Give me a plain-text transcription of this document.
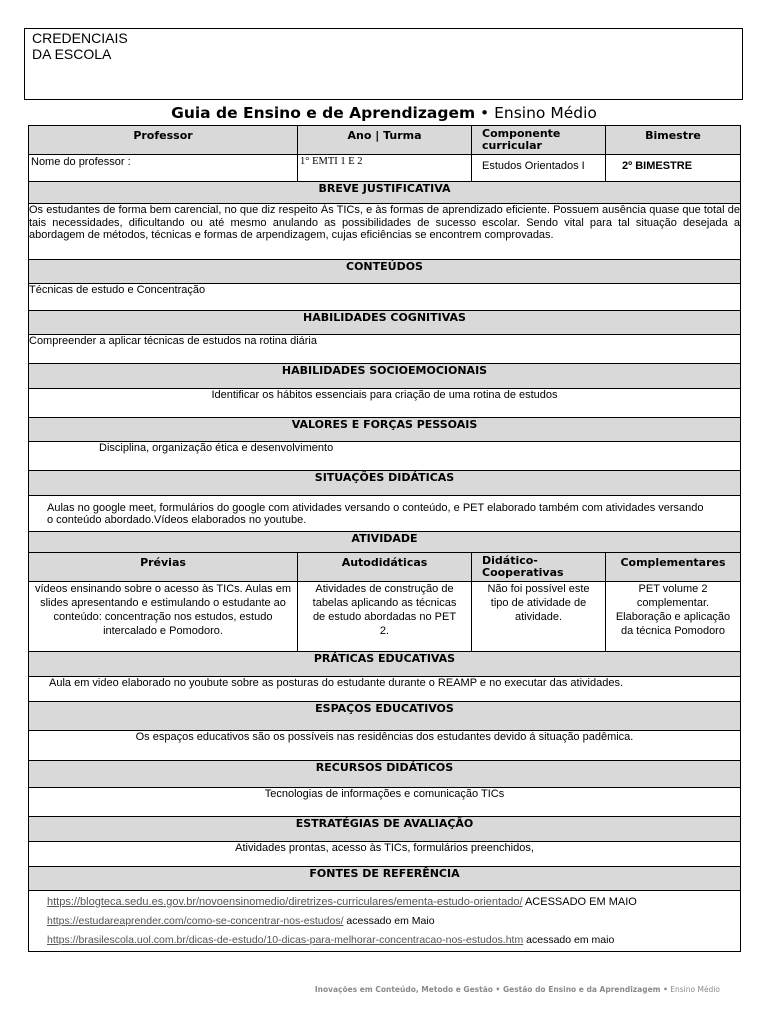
CREDENCIAIS
DA ESCOLA
Guia de Ensino e de Aprendizagem • Ensino Médio
Professor	Ano | Turma	Componente curricular	Bimestre
Nome do professor :	1° EMTI 1 E 2	Estudos Orientados I	2º BIMESTRE
BREVE JUSTIFICATIVA			
Os estudantes de forma bem carencial, no que diz respeito Às TICs, e às formas de aprendizado eficiente. Possuem ausência quase que total de tais necessidades, dificultando ou até mesmo anulando as possibilidades de sucesso escolar. Sendo vital para tal situação desejada a abordagem de métodos, técnicas e formas de arpendizagem, cujas eficiências se encontrem comprovadas.			
CONTEÚDOS			
Técnicas de estudo e Concentração			
HABILIDADES COGNITIVAS			
Compreender a aplicar técnicas de estudos na rotina diária			
HABILIDADES SOCIOEMOCIONAIS			
Identificar os hábitos essenciais para criação de uma rotina de estudos			
VALORES E FORÇAS PESSOAIS			
Disciplina, organização ética e desenvolvimento			
SITUAÇÕES DIDÁTICAS			
Aulas no google meet, formulários do google com atividades versando o conteúdo, e PET elaborado também com atividades versando o conteúdo abordado.Vídeos elaborados no youtube.			
ATIVIDADE			
Prévias	Autodidáticas	Didático-Cooperativas	Complementares
vídeos ensinando sobre o acesso às TICs. Aulas em slides apresentando e estimulando o estudante ao conteúdo: concentração nos estudos, estudo intercalado e Pomodoro.	Atividades de construção de tabelas aplicando as técnicas de estudo abordadas no PET 2.	Não foi possível este tipo de atividade de atividade.	PET volume 2 complementar. Elaboração e aplicação da técnica Pomodoro
PRÁTICAS EDUCATIVAS			
Aula em video elaborado no youbute sobre as posturas do estudante durante o REAMP e no executar das atividades.			
ESPAÇOS EDUCATIVOS			
Os espaços educativos são os possíveis nas residências dos estudantes devido á situação padêmica.			
RECURSOS DIDÁTICOS			
Tecnologias de informações e comunicação TICs			
ESTRATÉGIAS DE AVALIAÇÃO			
Atividades prontas, acesso às TICs, formulários preenchidos,			
FONTES DE REFERÊNCIA			

https://blogteca.sedu.es.gov.br/novoensinomedio/diretrizes-curriculares/ementa-estudo-orientado/ ACESSADO EM MAIO
https://estudareaprender.com/como-se-concentrar-nos-estudos/ acessado em Maio
https://brasilescola.uol.com.br/dicas-de-estudo/10-dicas-para-melhorar-concentracao-nos-estudos.htm acessado em maio			
Inovações em Conteúdo, Metodo e Gestão • Gestão do Ensino e da Aprendizagem • Ensino Médio
